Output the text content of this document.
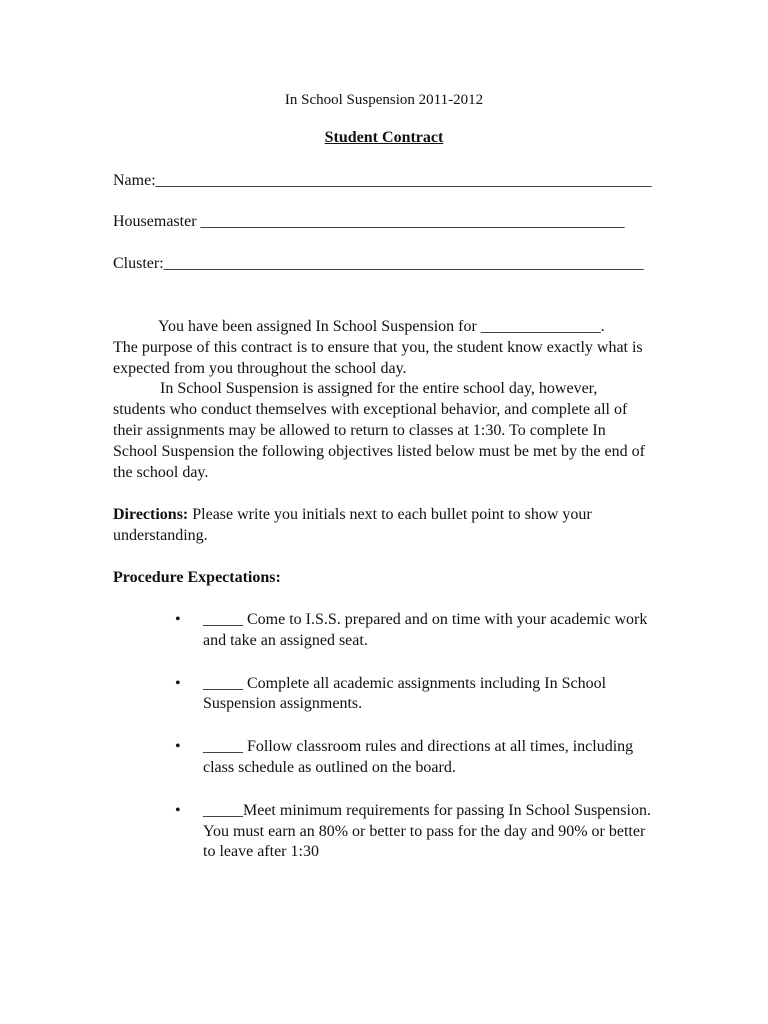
In School Suspension 2011-2012
Student Contract
Name:______________________________________________________________
Housemaster _____________________________________________________
Cluster:____________________________________________________________
You have been assigned In School Suspension for _______________.
The purpose of this contract is to ensure that you, the student know exactly what is expected from you throughout the school day.
In School Suspension is assigned for the entire school day, however,
students who conduct themselves with exceptional behavior, and complete all of their assignments may be allowed to return to classes at 1:30. To complete In School Suspension the following objectives listed below must be met by the end of the school day.

Directions: Please write you initials next to each bullet point to show your understanding.

Procedure Expectations:
• _____ Come to I.S.S. prepared and on time with your academic work and take an assigned seat.
• _____ Complete all academic assignments including In School Suspension assignments.
• _____ Follow classroom rules and directions at all times, including class schedule as outlined on the board.
• _____Meet minimum requirements for passing In School Suspension. You must earn an 80% or better to pass for the day and 90% or better to leave after 1:30
